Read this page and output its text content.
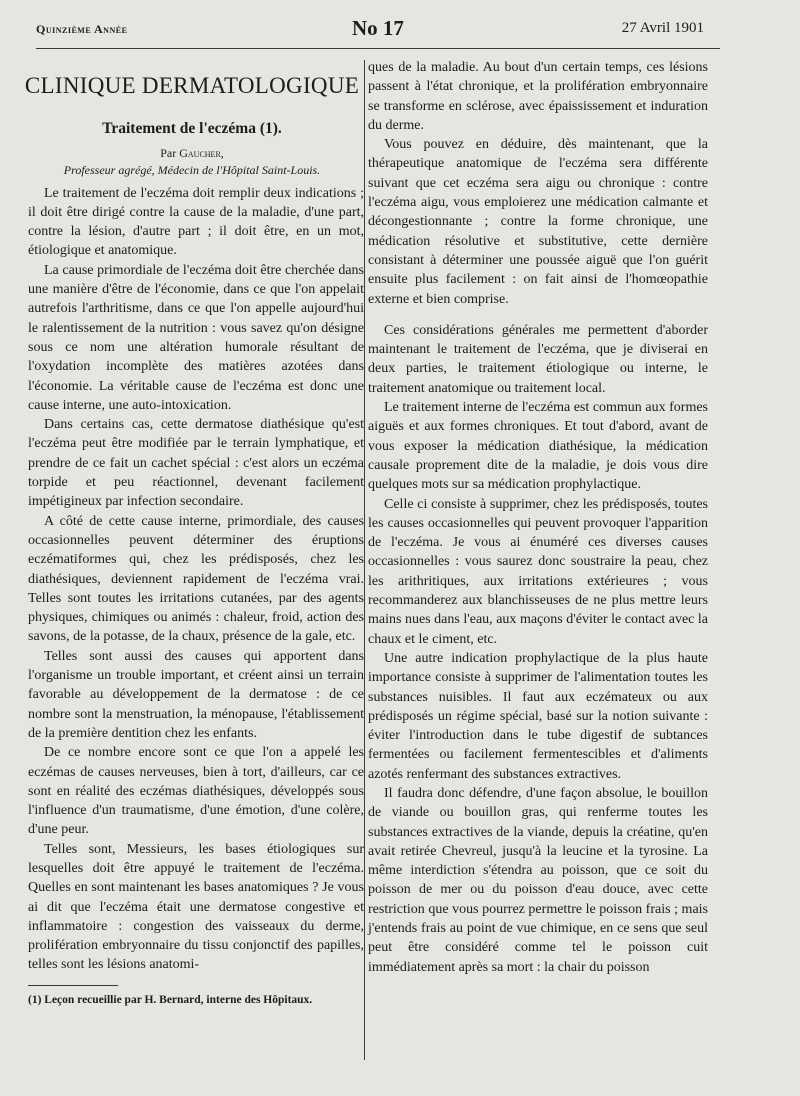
Quinzième Année	No 17	27 Avril 1901
CLINIQUE DERMATOLOGIQUE
Traitement de l'eczéma (1).
Par Gaucher,
Professeur agrégé, Médecin de l'Hôpital Saint-Louis.

Le traitement de l'eczéma doit remplir deux indications ; il doit être dirigé contre la cause de la maladie, d'une part, contre la lésion, d'autre part ; il doit être, en un mot, étiologique et anatomique.

La cause primordiale de l'eczéma doit être cherchée dans une manière d'être de l'économie, dans ce que l'on appelait autrefois l'arthritisme, dans ce que l'on appelle aujourd'hui le ralentissement de la nutrition : vous savez qu'on désigne sous ce nom une altération humorale résultant de l'oxydation incomplète des matières azotées dans l'économie. La véritable cause de l'eczéma est donc une cause interne, une auto-intoxication.

Dans certains cas, cette dermatose diathésique qu'est l'eczéma peut être modifiée par le terrain lymphatique, et prendre de ce fait un cachet spécial : c'est alors un eczéma torpide et peu réactionnel, devenant facilement impétigineux par infection secondaire.

A côté de cette cause interne, primordiale, des causes occasionnelles peuvent déterminer des éruptions eczématiformes qui, chez les prédisposés, chez les diathésiques, deviennent rapidement de l'eczéma vrai. Telles sont toutes les irritations cutanées, par des agents physiques, chimiques ou animés : chaleur, froid, action des savons, de la potasse, de la chaux, présence de la gale, etc.

Telles sont aussi des causes qui apportent dans l'organisme un trouble important, et créent ainsi un terrain favorable au développement de la dermatose : de ce nombre sont la menstruation, la ménopause, l'établissement de la première dentition chez les enfants.

De ce nombre encore sont ce que l'on a appelé les eczémas de causes nerveuses, bien à tort, d'ailleurs, car ce sont en réalité des eczémas diathésiques, développés sous l'influence d'un traumatisme, d'une émotion, d'une colère, d'une peur.

Telles sont, Messieurs, les bases étiologiques sur lesquelles doit être appuyé le traitement de l'eczéma. Quelles en sont maintenant les bases anatomiques ? Je vous ai dit que l'eczéma était une dermatose congestive et inflammatoire : congestion des vaisseaux du derme, prolifération embryonnaire du tissu conjonctif des papilles, telles sont les lésions anatomi-

(1) Leçon recueillie par H. Bernard, interne des Hôpitaux.

ques de la maladie. Au bout d'un certain temps, ces lésions passent à l'état chronique, et la prolifération embryonnaire se transforme en sclérose, avec épaississement et induration du derme.

Vous pouvez en déduire, dès maintenant, que la thérapeutique anatomique de l'eczéma sera différente suivant que cet eczéma sera aigu ou chronique : contre l'eczéma aigu, vous emploierez une médication calmante et décongestionnante ; contre la forme chronique, une médication résolutive et substitutive, cette dernière consistant à déterminer une poussée aiguë que l'on guérit ensuite plus facilement : on fait ainsi de l'homœopathie externe et bien comprise.

Ces considérations générales me permettent d'aborder maintenant le traitement de l'eczéma, que je diviserai en deux parties, le traitement étiologique ou interne, le traitement anatomique ou traitement local.

Le traitement interne de l'eczéma est commun aux formes aiguës et aux formes chroniques. Et tout d'abord, avant de vous exposer la médication diathésique, la médication causale proprement dite de la maladie, je dois vous dire quelques mots sur sa médication prophylactique.

Celle ci consiste à supprimer, chez les prédisposés, toutes les causes occasionnelles qui peuvent provoquer l'apparition de l'eczéma. Je vous ai énuméré ces diverses causes occasionnelles : vous saurez donc soustraire la peau, chez les arithritiques, aux irritations extérieures ; vous recommanderez aux blanchisseuses de ne plus mettre leurs mains nues dans l'eau, aux maçons d'éviter le contact avec la chaux et le ciment, etc.

Une autre indication prophylactique de la plus haute importance consiste à supprimer de l'alimentation toutes les substances nuisibles. Il faut aux eczémateux ou aux prédisposés un régime spécial, basé sur la notion suivante : éviter l'introduction dans le tube digestif de subtances fermentées ou facilement fermentescibles et d'aliments azotés renfermant des substances extractives.

Il faudra donc défendre, d'une façon absolue, le bouillon de viande ou bouillon gras, qui renferme toutes les substances extractives de la viande, depuis la créatine, qu'en avait retirée Chevreul, jusqu'à la leucine et la tyrosine. La même interdiction s'étendra au poisson, que ce soit du poisson de mer ou du poisson d'eau douce, avec cette restriction que vous pourrez permettre le poisson frais ; mais j'entends frais au point de vue chimique, en ce sens que seul peut être considéré comme tel le poisson cuit immédiatement après sa mort : la chair du poisson
